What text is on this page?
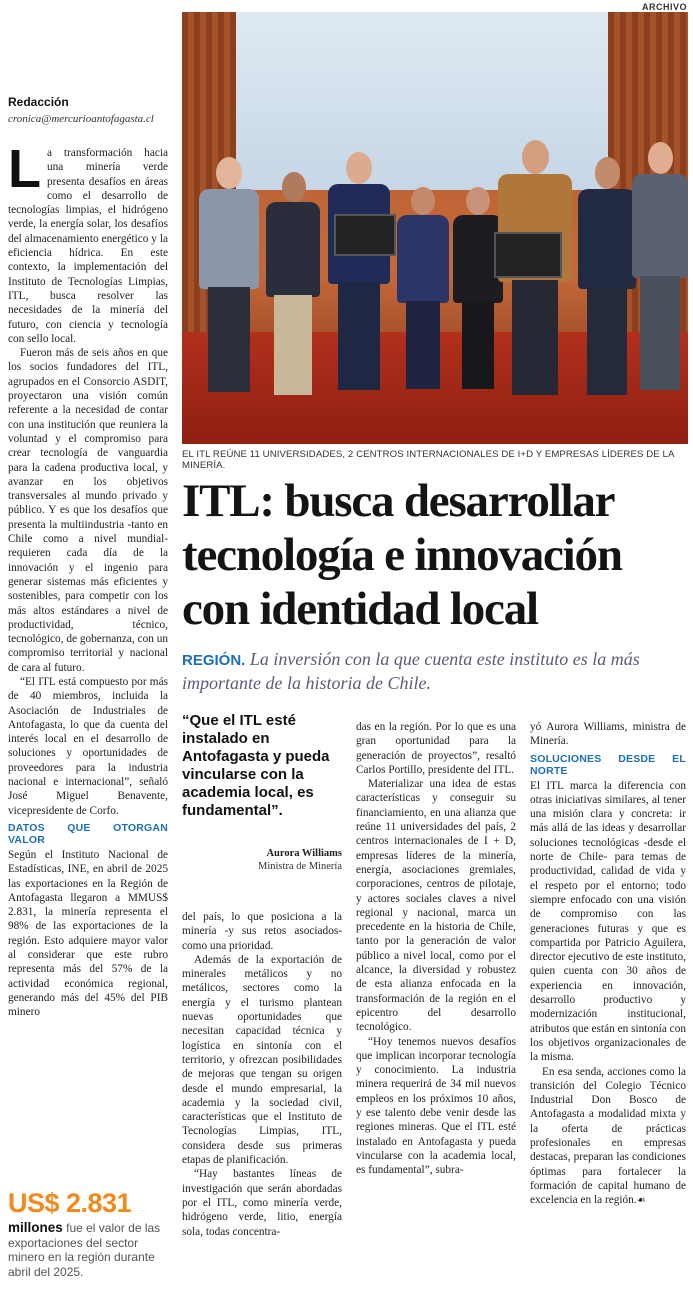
ARCHIVO
EL ITL REÚNE 11 UNIVERSIDADES, 2 CENTROS INTERNACIONALES DE I+D Y EMPRESAS LÍDERES DE LA MINERÍA.
ITL: busca desarrollar
tecnología e innovación
con identidad local
REGIÓN. La inversión con la que cuenta este instituto es la más importante de la historia de Chile.
Redacción
cronica@mercurioantofagasta.cl

La transformación hacia una minería verde presenta desafíos en áreas como el desarrollo de tecnologías limpias, el hidrógeno verde, la energía solar, los desafíos del almacenamiento energético y la eficiencia hídrica. En este contexto, la implementación del Instituto de Tecnologías Limpias, ITL, busca resolver las necesidades de la minería del futuro, con ciencia y tecnología con sello local.

Fueron más de seis años en que los socios fundadores del ITL, agrupados en el Consorcio ASDIT, proyectaron una visión común referente a la necesidad de contar con una institución que reuniera la voluntad y el compromiso para crear tecnología de vanguardia para la cadena productiva local, y avanzar en los objetivos transversales al mundo privado y público. Y es que los desafíos que presenta la multiindustria -tanto en Chile como a nivel mundial- requieren cada día de la innovación y el ingenio para generar sistemas más eficientes y sostenibles, para competir con los más altos estándares a nivel de productividad, técnico, tecnológico, de gobernanza, con un compromiso territorial y nacional de cara al futuro.

“El ITL está compuesto por más de 40 miembros, incluida la Asociación de Industriales de Antofagasta, lo que da cuenta del interés local en el desarrollo de soluciones y oportunidades de proveedores para la industria nacional e internacional”, señaló José Miguel Benavente, vicepresidente de Corfo.

DATOS QUE OTORGAN VALOR

Según el Instituto Nacional de Estadísticas, INE, en abril de 2025 las exportaciones en la Región de Antofagasta llegaron a MMUS$ 2.831, la minería representa el 98% de las exportaciones de la región. Esto adquiere mayor valor al considerar que este rubro representa más del 57% de la actividad económica regional, generando más del 45% del PIB minero

US$ 2.831
millones fue el valor de las exportaciones del sector minero en la región durante abril del 2025.
“Que el ITL esté instalado en Antofagasta y pueda vincularse con la academia local, es fundamental”.
Aurora Williams
Ministra de Minería

del país, lo que posiciona a la minería -y sus retos asociados- como una prioridad.

Además de la exportación de minerales metálicos y no metálicos, sectores como la energía y el turismo plantean nuevas oportunidades que necesitan capacidad técnica y logística en sintonía con el territorio, y ofrezcan posibilidades de mejoras que tengan su origen desde el mundo empresarial, la academia y la sociedad civil, características que el Instituto de Tecnologías Limpias, ITL, considera desde sus primeras etapas de planificación.

“Hay bastantes líneas de investigación que serán abordadas por el ITL, como minería verde, hidrógeno verde, litio, energía sola, todas concentra-

das en la región. Por lo que es una gran oportunidad para la generación de proyectos”, resaltó Carlos Portillo, presidente del ITL.

Materializar una idea de estas características y conseguir su financiamiento, en una alianza que reúne 11 universidades del país, 2 centros internacionales de I + D, empresas líderes de la minería, energía, asociaciones gremiales, corporaciones, centros de pilotaje, y actores sociales claves a nivel regional y nacional, marca un precedente en la historia de Chile, tanto por la generación de valor público a nivel local, como por el alcance, la diversidad y robustez de esta alianza enfocada en la transformación de la región en el epicentro del desarrollo tecnológico.

“Hoy tenemos nuevos desafíos que implican incorporar tecnología y conocimiento. La industria minera requerirá de 34 mil nuevos empleos en los próximos 10 años, y ese talento debe venir desde las regiones mineras. Que el ITL esté instalado en Antofagasta y pueda vincularse con la academia local, es fundamental”, subra-

yó Aurora Williams, ministra de Minería.

SOLUCIONES DESDE EL NORTE

El ITL marca la diferencia con otras iniciativas similares, al tener una misión clara y concreta: ir más allá de las ideas y desarrollar soluciones tecnológicas -desde el norte de Chile- para temas de productividad, calidad de vida y el respeto por el entorno; todo siempre enfocado con una visión de compromiso con las generaciones futuras y que es compartida por Patricio Aguilera, director ejecutivo de este instituto, quien cuenta con 30 años de experiencia en innovación, desarrollo productivo y modernización institucional, atributos que están en sintonía con los objetivos organizacionales de la misma.

En esa senda, acciones como la transición del Colegio Técnico Industrial Don Bosco de Antofagasta a modalidad mixta y la oferta de prácticas profesionales en empresas destacas, preparan las condiciones óptimas para fortalecer la formación de capital humano de excelencia en la región.☙
